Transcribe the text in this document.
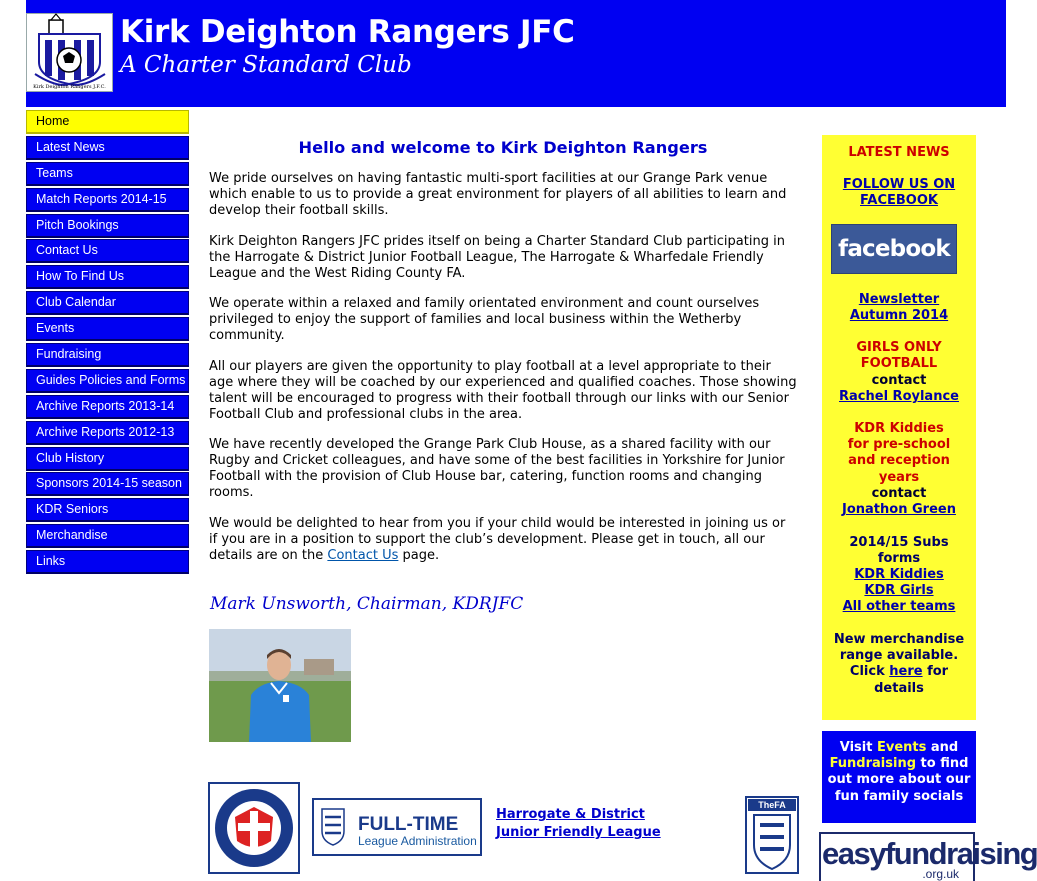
Kirk Deighton Rangers J.F.C.
Kirk Deighton Rangers JFC
A Charter Standard Club
Home
Latest News
Teams
Match Reports 2014-15
Pitch Bookings
Contact Us
How To Find Us
Club Calendar
Events
Fundraising
Guides Policies and Forms
Archive Reports 2013-14
Archive Reports 2012-13
Club History
Sponsors 2014-15 season
KDR Seniors
Merchandise
Links
Hello and welcome to Kirk Deighton Rangers

We pride ourselves on having fantastic multi-sport facilities at our Grange Park venue which enable to us to provide a great environment for players of all abilities to learn and develop their football skills.

Kirk Deighton Rangers JFC prides itself on being a Charter Standard Club participating in the Harrogate & District Junior Football League, The Harrogate & Wharfedale Friendly League and the West Riding County FA.

We operate within a relaxed and family orientated environment and count ourselves privileged to enjoy the support of families and local business within the Wetherby community.

All our players are given the opportunity to play football at a level appropriate to their age where they will be coached by our experienced and qualified coaches. Those showing talent will be encouraged to progress with their football through our links with our Senior Football Club and professional clubs in the area.

We have recently developed the Grange Park Club House, as a shared facility with our Rugby and Cricket colleagues, and have some of the best facilities in Yorkshire for Junior Football with the provision of Club House bar, catering, function rooms and changing rooms.

We would be delighted to hear from you if your child would be interested in joining us or if you are in a position to support the club’s development. Please get in touch, all our details are on the Contact Us page.

Mark Unsworth, Chairman, KDRJFC
FULL-TIME
League Administration
Harrogate & District
Junior Friendly League
TheFA
LATEST NEWS
FOLLOW US ON
FACEBOOK
facebook
Newsletter
Autumn 2014
GIRLS ONLY
FOOTBALL
contact
Rachel Roylance
KDR Kiddies
for pre-school
and reception
years
contact
Jonathon Green
2014/15 Subs
forms
KDR Kiddies
KDR Girls
All other teams
New merchandise
range available.
Click here for
details
Visit Events and
Fundraising to find
out more about our
fun family socials
easyfundraising
.org.uk
